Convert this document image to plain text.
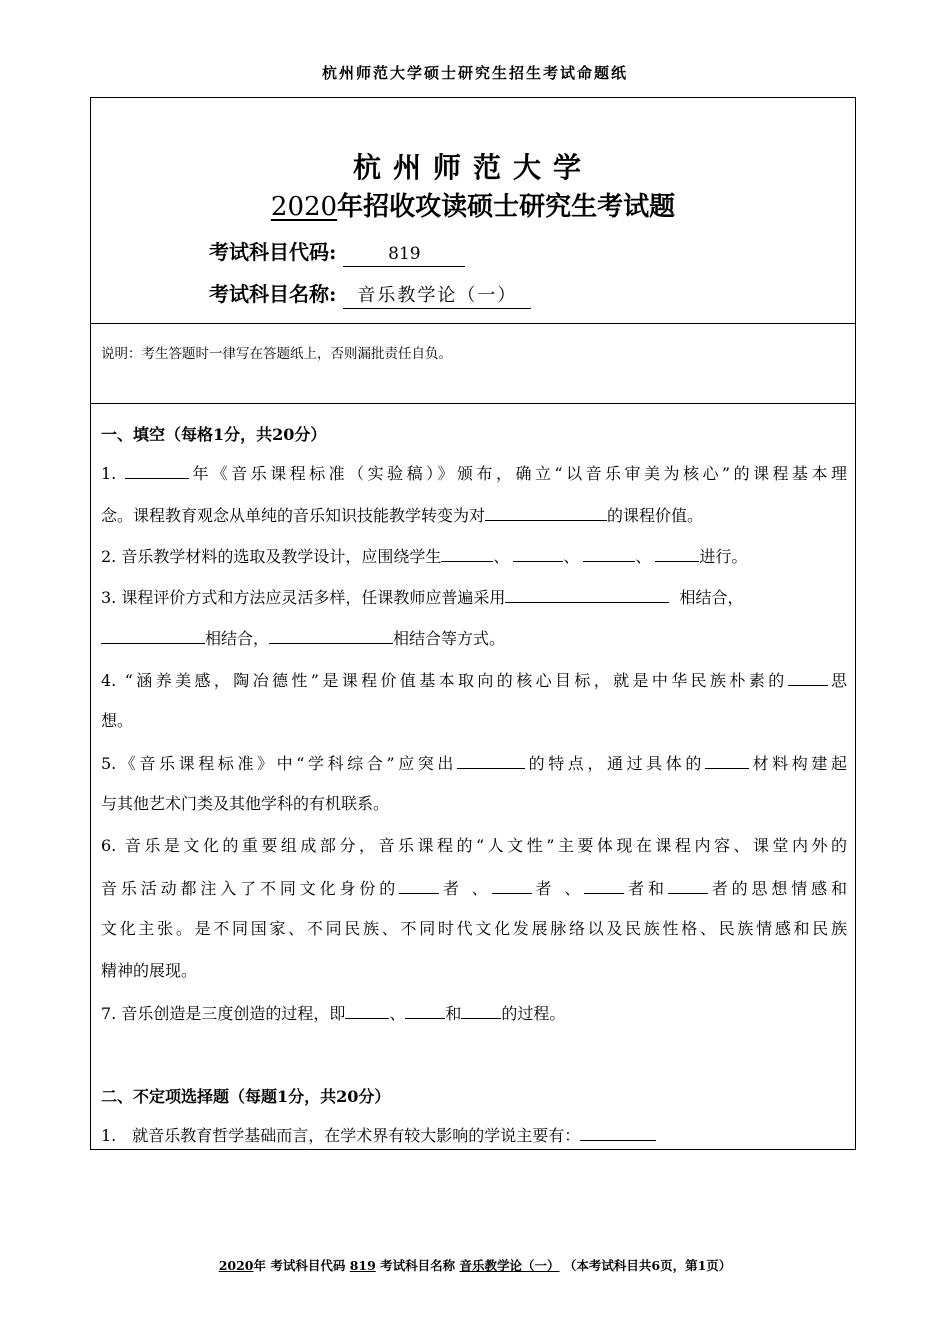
杭州师范大学硕士研究生招生考试命题纸
杭州师范大学
2020年招收攻读硕士研究生考试题
考试科目代码:	819
考试科目名称: 音乐教学论（一）
说明：考生答题时一律写在答题纸上，否则漏批责任自负。
一、填空（每格1分，共20分）
1.	年《音乐课程标准（实验稿）》颁布，确立“以音乐审美为核心”的课程基本理
念。课程教育观念从单纯的音乐知识技能教学转变为对	的课程价值。
2. 音乐教学材料的选取及教学设计，应围绕学生	、	、	、	进行。
3. 课程评价方式和方法应灵活多样，任课教师应普遍采用	相结合，
相结合，	相结合等方式。
4. “涵养美感，陶冶德性”是课程价值基本取向的核心目标，就是中华民族朴素的	思
想。
5.《音乐课程标准》中“学科综合”应突出	的特点，通过具体的	材料构建起
与其他艺术门类及其他学科的有机联系。
6. 音乐是文化的重要组成部分，音乐课程的“人文性”主要体现在课程内容、课堂内外的
音乐活动都注入了不同文化身份的	者 、	者 、	者和	者的思想情感和
文化主张。是不同国家、不同民族、不同时代文化发展脉络以及民族性格、民族情感和民族
精神的展现。
7. 音乐创造是三度创造的过程，即	、	和	的过程。
二、不定项选择题（每题1分，共20分）
1.　就音乐教育哲学基础而言，在学术界有较大影响的学说主要有：
2020年 考试科目代码 819 考试科目名称 音乐教学论（一） （本考试科目共6页，第1页）
